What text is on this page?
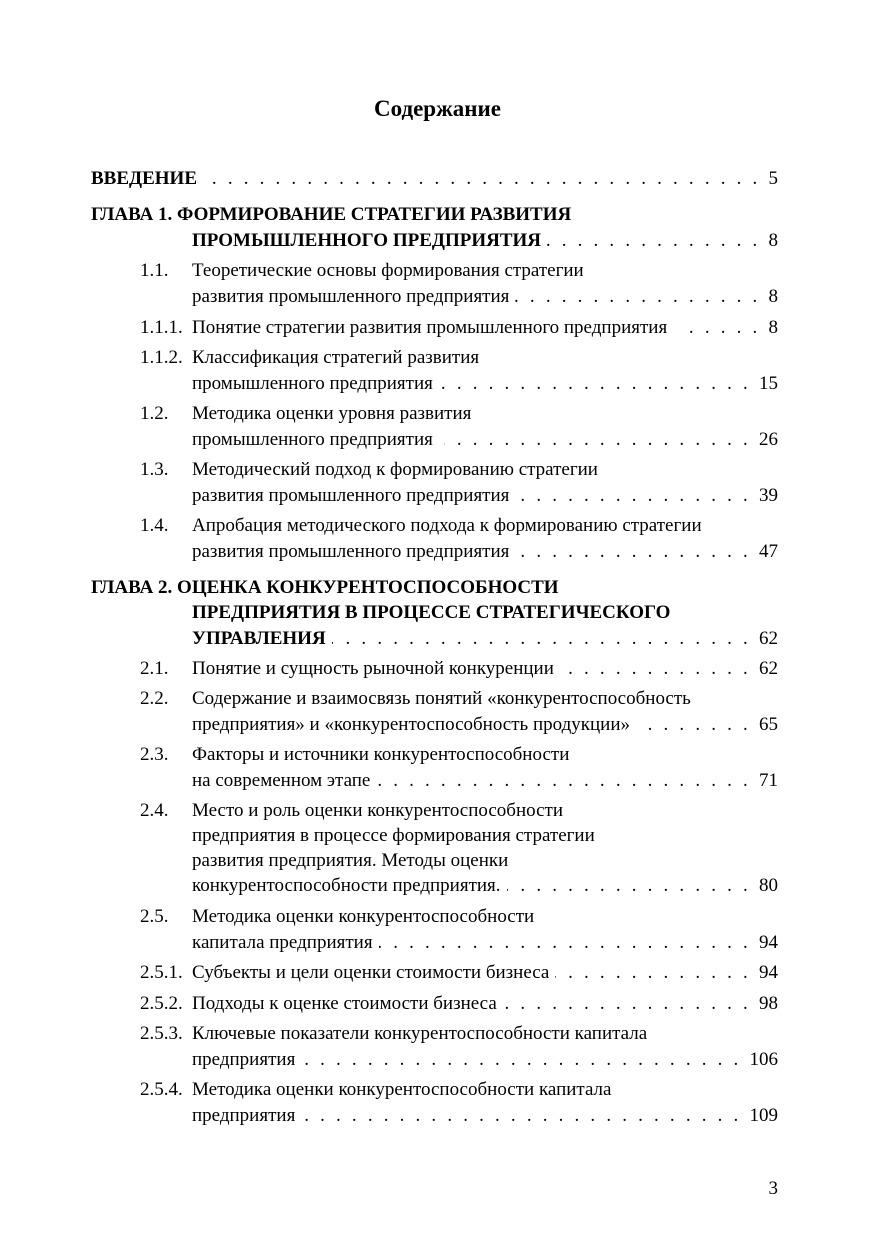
Содержание
ВВЕДЕНИЕ	5
. . .
ГЛАВА 1. ФОРМИРОВАНИЕ СТРАТЕГИИ РАЗВИТИЯ
ПРОМЫШЛЕННОГО ПРЕДПРИЯТИЯ	8
. . .
1.1. Теоретические основы формирования стратегии
развития промышленного предприятия	8
. . .
1.1.1. Понятие стратегии развития промышленного предприятия	8
. . .
1.1.2. Классификация стратегий развития
промышленного предприятия	15
. . .
1.2. Методика оценки уровня развития
промышленного предприятия	26
. . .
1.3. Методический подход к формированию стратегии
развития промышленного предприятия	39
. . .
1.4. Апробация методического подхода к формированию стратегии
развития промышленного предприятия	47
. . .
ГЛАВА 2. ОЦЕНКА КОНКУРЕНТОСПОСОБНОСТИ
ПРЕДПРИЯТИЯ В ПРОЦЕССЕ СТРАТЕГИЧЕСКОГО
УПРАВЛЕНИЯ	62
. . .
2.1. Понятие и сущность рыночной конкуренции	62
. . .
2.2. Содержание и взаимосвязь понятий «конкурентоспособность
предприятия» и «конкурентоспособность продукции»	65
. . .
2.3. Факторы и источники конкурентоспособности
на современном этапе	71
. . .
2.4. Место и роль оценки конкурентоспособности
предприятия в процессе формирования стратегии
развития предприятия. Методы оценки
конкурентоспособности предприятия.	80
. . .
2.5. Методика оценки конкурентоспособности
капитала предприятия	94
. . .
2.5.1. Субъекты и цели оценки стоимости бизнеса	94
. . .
2.5.2. Подходы к оценке стоимости бизнеса	98
. . .
2.5.3. Ключевые показатели конкурентоспособности капитала
предприятия	106
. . .
2.5.4. Методика оценки конкурентоспособности капитала
предприятия	109
. . .
3
